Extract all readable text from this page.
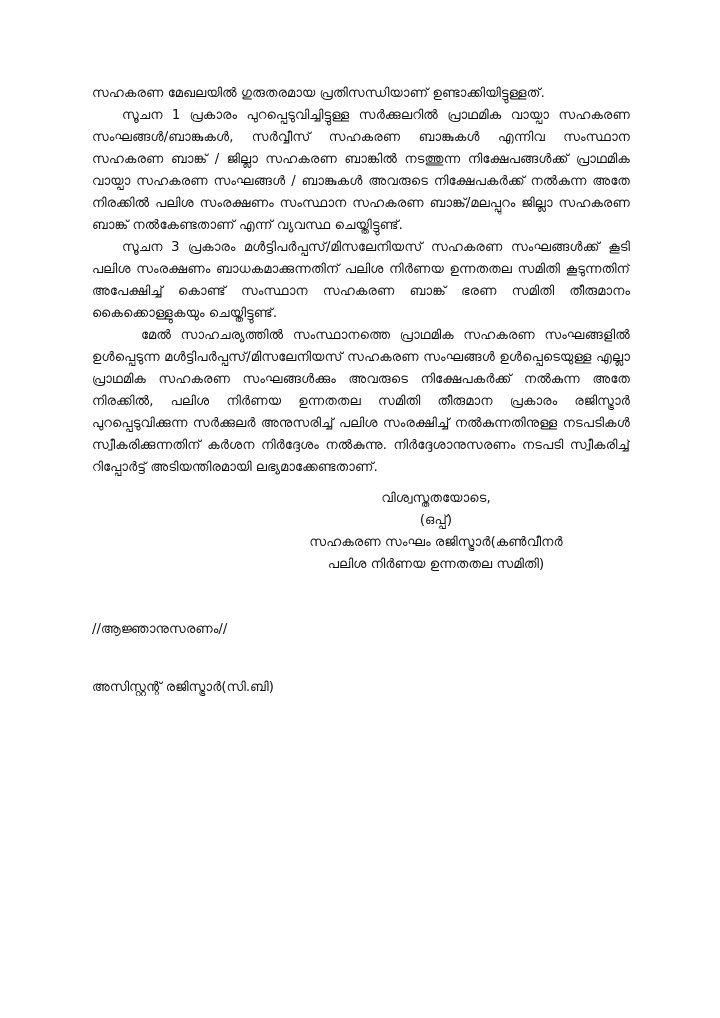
സഹകരണ മേഖലയിൽ ഗുരുതരമായ പ്രതിസന്ധിയാണ് ഉണ്ടാക്കിയിട്ടുള്ളത്.
സൂചന 1 പ്രകാരം പുറപ്പെടുവിച്ചിട്ടുള്ള സർക്കുലറിൽ പ്രാഥമിക വായ്പാ സഹകരണ
സംഘങ്ങൾ/ബാങ്കുകൾ, സർവ്വീസ് സഹകരണ ബാങ്കുകൾ എന്നിവ സംസ്ഥാന
സഹകരണ ബാങ്ക് / ജില്ലാ സഹകരണ ബാങ്കിൽ നടത്തുന്ന നിക്ഷേപങ്ങൾക്ക് പ്രാഥമിക
വായ്പാ സഹകരണ സംഘങ്ങൾ / ബാങ്കുകൾ അവരുടെ നിക്ഷേപകർക്ക് നൽകുന്ന അതേ
നിരക്കിൽ പലിശ സംരക്ഷണം സംസ്ഥാന സഹകരണ ബാങ്ക്/മലപ്പുറം ജില്ലാ സഹകരണ
ബാങ്ക് നൽകേണ്ടതാണ് എന്ന് വ്യവസ്ഥ ചെയ്തിട്ടുണ്ട്.
സൂചന 3 പ്രകാരം മൾട്ടിപർപ്പസ്/മിസലേനിയസ് സഹകരണ സംഘങ്ങൾക്ക് കൂടി
പലിശ സംരക്ഷണം ബാധകമാക്കുന്നതിന് പലിശ നിർണയ ഉന്നതതല സമിതി കൂടുന്നതിന്
അപേക്ഷിച്ച് കൊണ്ട് സംസ്ഥാന സഹകരണ ബാങ്ക് ഭരണ സമിതി തീരുമാനം
കൈക്കൊള്ളുകയും ചെയ്തിട്ടുണ്ട്.
മേൽ സാഹചര്യത്തിൽ സംസ്ഥാനത്തെ പ്രാഥമിക സഹകരണ സംഘങ്ങളിൽ
ഉൾപ്പെടുന്ന മൾട്ടിപർപ്പസ്/മിസലേനിയസ് സഹകരണ സംഘങ്ങൾ ഉൾപ്പെടെയുള്ള എല്ലാ
പ്രാഥമിക സഹകരണ സംഘങ്ങൾക്കും അവരുടെ നിക്ഷേപകർക്ക് നൽകുന്ന അതേ
നിരക്കിൽ, പലിശ നിർണയ ഉന്നതതല സമിതി തീരുമാന പ്രകാരം രജിസ്ട്രാർ
പുറപ്പെടുവിക്കുന്ന സർക്കുലർ അനുസരിച്ച് പലിശ സംരക്ഷിച്ച് നൽകുന്നതിനുള്ള നടപടികൾ
സ്വീകരിക്കുന്നതിന് കർശന നിർദ്ദേശം നൽകുന്നു. നിർദ്ദേശാനുസരണം നടപടി സ്വീകരിച്ച്
റിപ്പോർട്ട് അടിയന്തിരമായി ലഭ്യമാക്കേണ്ടതാണ്.
വിശ്വസ്തതയോടെ,
(ഒപ്പ്)
സഹകരണ സംഘം രജിസ്ട്രാർ(കൺവീനർ
പലിശ നിർണയ ഉന്നതതല സമിതി)
//ആജ്ഞാനുസരണം//
അസിസ്റ്റന്റ് രജിസ്ട്രാർ(സി.ബി)
